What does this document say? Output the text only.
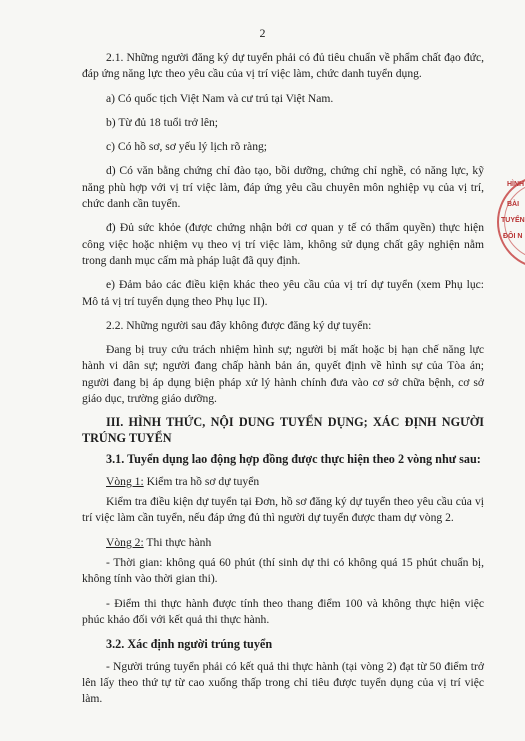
2

2.1. Những người đăng ký dự tuyển phải có đủ tiêu chuẩn về phẩm chất đạo đức, đáp ứng năng lực theo yêu cầu của vị trí việc làm, chức danh tuyển dụng.

a) Có quốc tịch Việt Nam và cư trú tại Việt Nam.

b) Từ đủ 18 tuổi trở lên;

c) Có hồ sơ, sơ yếu lý lịch rõ ràng;

d) Có văn bằng chứng chỉ đào tạo, bồi dưỡng, chứng chỉ nghề, có năng lực, kỹ năng phù hợp với vị trí việc làm, đáp ứng yêu cầu chuyên môn nghiệp vụ của vị trí, chức danh cần tuyển.

đ) Đủ sức khỏe (được chứng nhận bởi cơ quan y tế có thẩm quyền) thực hiện công việc hoặc nhiệm vụ theo vị trí việc làm, không sử dụng chất gây nghiện nằm trong danh mục cấm mà pháp luật đã quy định.

e) Đảm bảo các điều kiện khác theo yêu cầu của vị trí dự tuyển (xem Phụ lục: Mô tả vị trí tuyển dụng theo Phụ lục II).

2.2. Những người sau đây không được đăng ký dự tuyển:

Đang bị truy cứu trách nhiệm hình sự; người bị mất hoặc bị hạn chế năng lực hành vi dân sự; người đang chấp hành bản án, quyết định về hình sự của Tòa án; người đang bị áp dụng biện pháp xử lý hành chính đưa vào cơ sở chữa bệnh, cơ sở giáo dục, trường giáo dưỡng.

III. HÌNH THỨC, NỘI DUNG TUYỂN DỤNG; XÁC ĐỊNH NGƯỜI TRÚNG TUYỂN
3.1. Tuyển dụng lao động hợp đồng được thực hiện theo 2 vòng như sau:

Vòng 1: Kiểm tra hồ sơ dự tuyển

Kiểm tra điều kiện dự tuyển tại Đơn, hồ sơ đăng ký dự tuyển theo yêu cầu của vị trí việc làm cần tuyển, nếu đáp ứng đủ thì người dự tuyển được tham dự vòng 2.

Vòng 2: Thi thực hành

- Thời gian: không quá 60 phút (thí sinh dự thi có không quá 15 phút chuẩn bị, không tính vào thời gian thi).

- Điểm thi thực hành được tính theo thang điểm 100 và không thực hiện việc phúc khảo đối với kết quả thi thực hành.

3.2. Xác định người trúng tuyển

- Người trúng tuyển phải có kết quả thi thực hành (tại vòng 2) đạt từ 50 điểm trở lên lấy theo thứ tự từ cao xuống thấp trong chỉ tiêu được tuyển dụng của vị trí việc làm.

HÌNH
BÀI
TUYỂN
ĐÔI N
